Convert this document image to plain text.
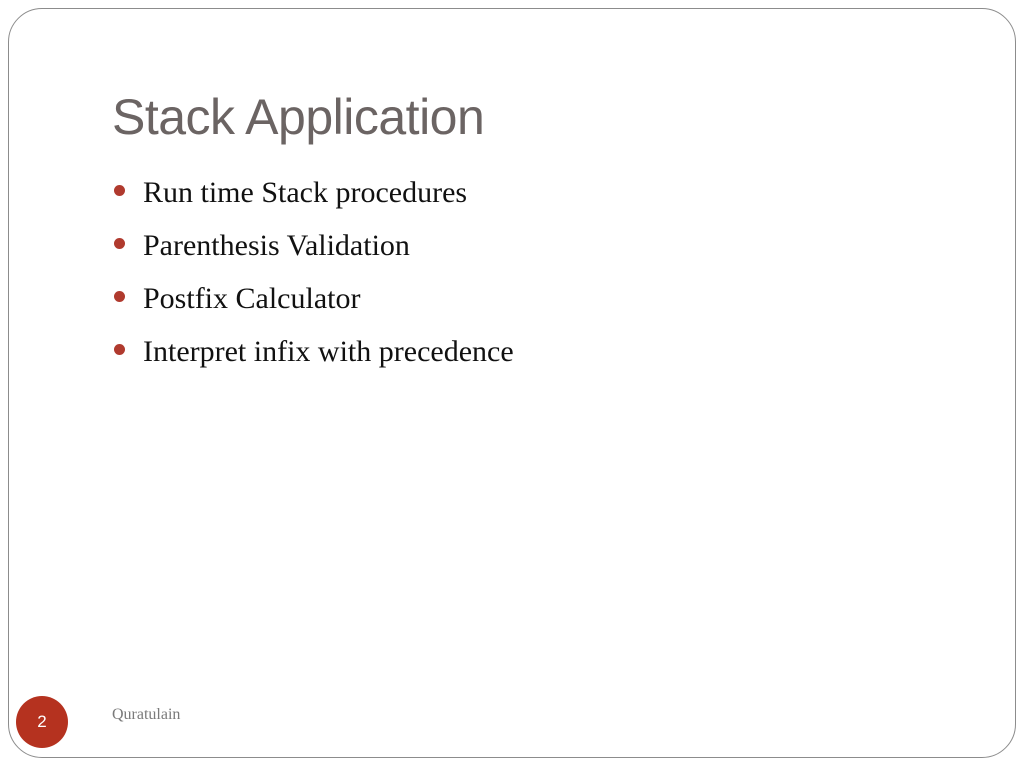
Stack Application
Run time Stack procedures
Parenthesis Validation
Postfix Calculator
Interpret infix with precedence
2	Quratulain
